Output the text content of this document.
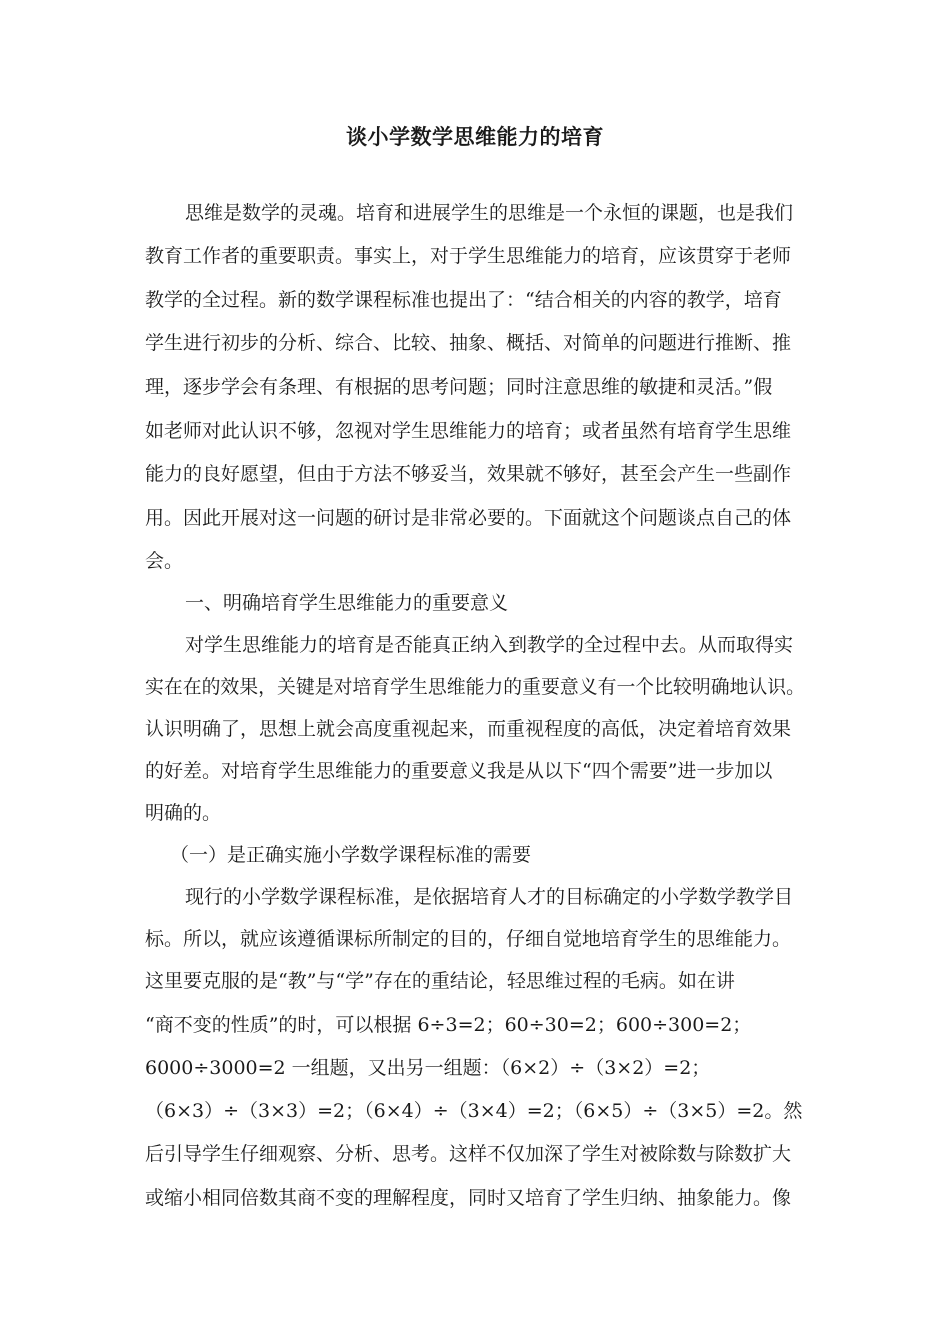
谈小学数学思维能力的培育
思维是数学的灵魂。培育和进展学生的思维是一个永恒的课题，也是我们
教育工作者的重要职责。事实上，对于学生思维能力的培育，应该贯穿于老师
教学的全过程。新的数学课程标准也提出了：“结合相关的内容的教学，培育
学生进行初步的分析、综合、比较、抽象、概括、对简单的问题进行推断、推
理，逐步学会有条理、有根据的思考问题；同时注意思维的敏捷和灵活。”假
如老师对此认识不够，忽视对学生思维能力的培育；或者虽然有培育学生思维
能力的良好愿望，但由于方法不够妥当，效果就不够好，甚至会产生一些副作
用。因此开展对这一问题的研讨是非常必要的。下面就这个问题谈点自己的体
会。
一、明确培育学生思维能力的重要意义
对学生思维能力的培育是否能真正纳入到教学的全过程中去。从而取得实
实在在的效果，关键是对培育学生思维能力的重要意义有一个比较明确地认识。
认识明确了，思想上就会高度重视起来，而重视程度的高低，决定着培育效果
的好差。对培育学生思维能力的重要意义我是从以下“四个需要”进一步加以
明确的。
（一）是正确实施小学数学课程标准的需要
现行的小学数学课程标准，是依据培育人才的目标确定的小学数学教学目
标。所以，就应该遵循课标所制定的目的，仔细自觉地培育学生的思维能力。
这里要克服的是“教”与“学”存在的重结论，轻思维过程的毛病。如在讲
“商不变的性质”的时，可以根据 6÷3=2；60÷30=2；600÷300=2；
6000÷3000=2 一组题，又出另一组题：（6×2）÷（3×2）=2；
（6×3）÷（3×3）=2；（6×4）÷（3×4）=2；（6×5）÷（3×5）=2。然
后引导学生仔细观察、分析、思考。这样不仅加深了学生对被除数与除数扩大
或缩小相同倍数其商不变的理解程度，同时又培育了学生归纳、抽象能力。像
